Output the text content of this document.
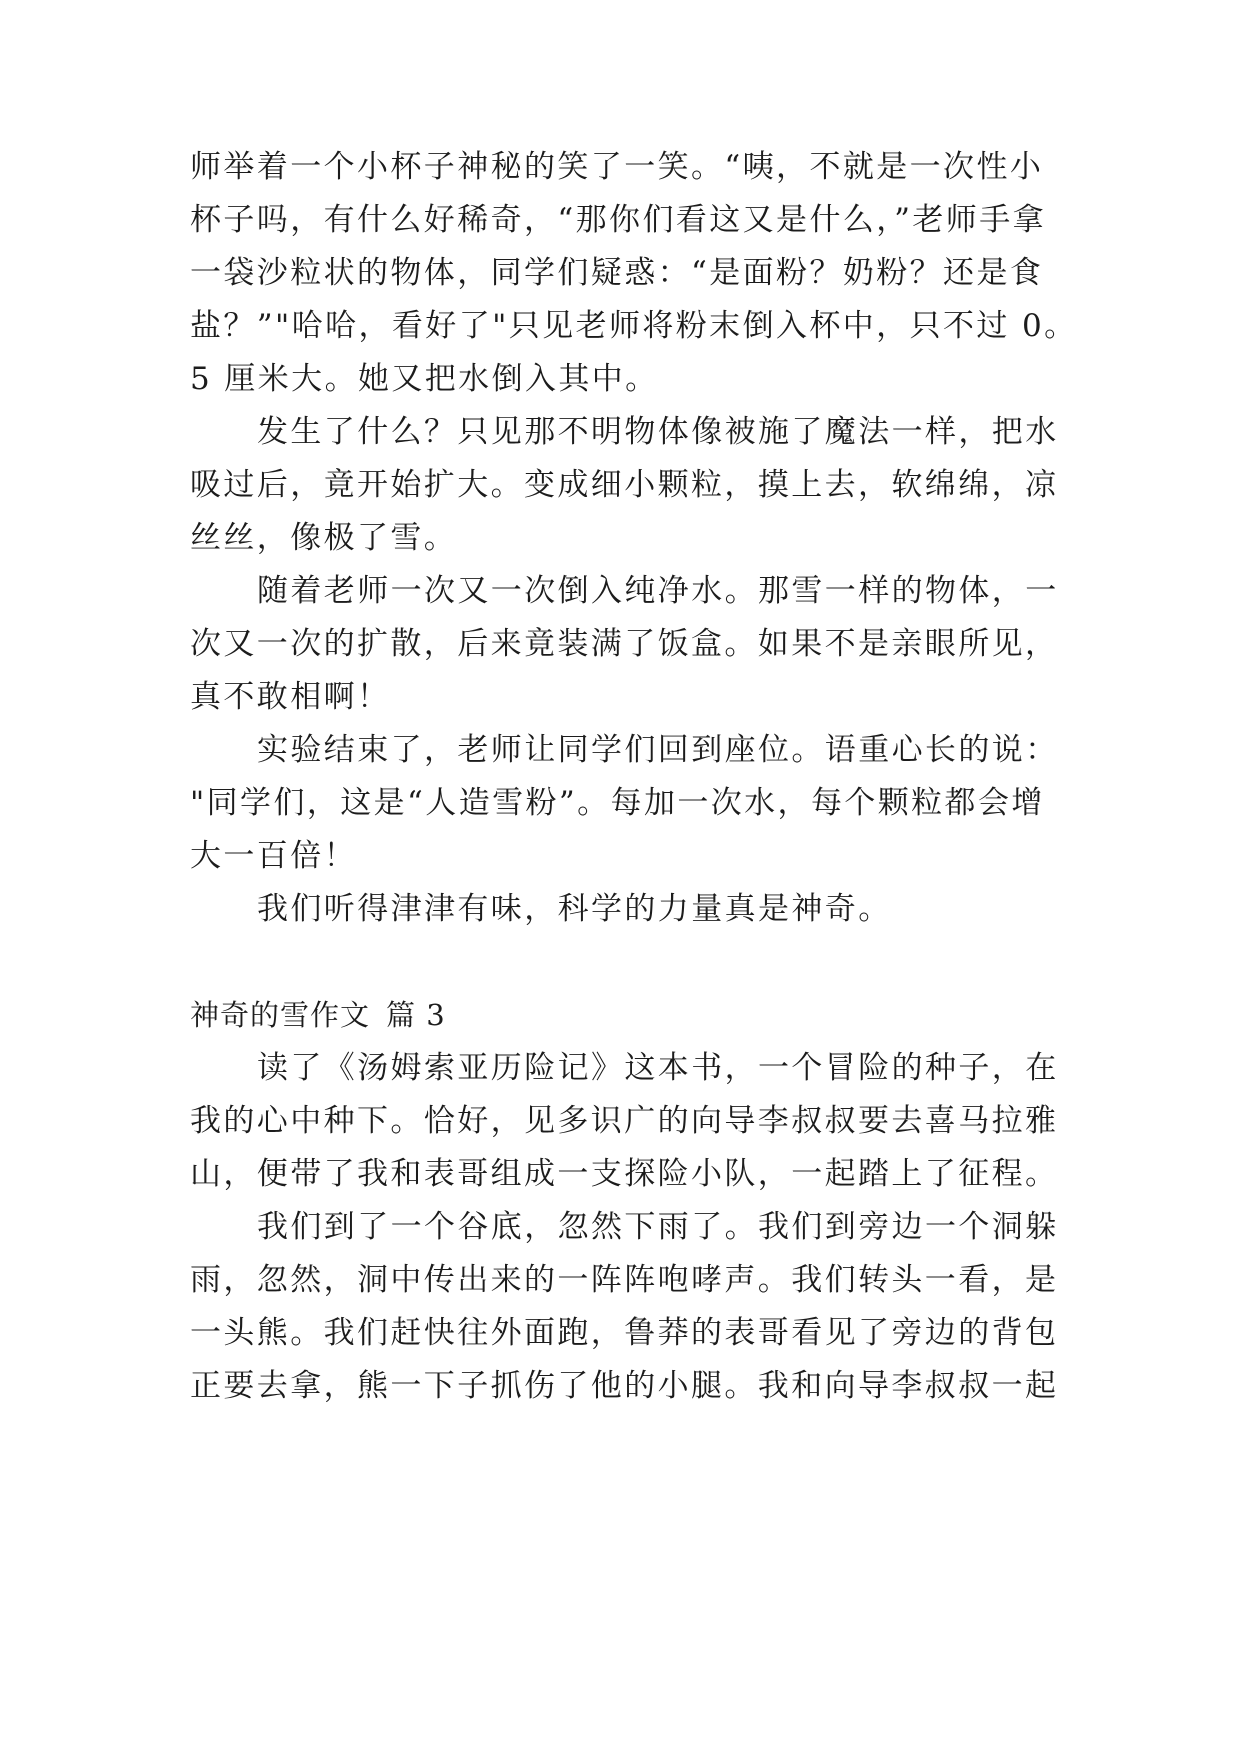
师举着一个小杯子神秘的笑了一笑。“咦，不就是一次性小
杯子吗，有什么好稀奇，“那你们看这又是什么，”老师手拿
一袋沙粒状的物体，同学们疑惑：“是面粉？奶粉？还是食
盐？”"哈哈，看好了"只见老师将粉末倒入杯中，只不过 0。
5 厘米大。她又把水倒入其中。
发生了什么？只见那不明物体像被施了魔法一样，把水
吸过后，竟开始扩大。变成细小颗粒，摸上去，软绵绵，凉
丝丝，像极了雪。
随着老师一次又一次倒入纯净水。那雪一样的物体，一
次又一次的扩散，后来竟装满了饭盒。如果不是亲眼所见，
真不敢相啊！
实验结束了，老师让同学们回到座位。语重心长的说：
"同学们，这是“人造雪粉”。每加一次水，每个颗粒都会增
大一百倍！
我们听得津津有味，科学的力量真是神奇。
神奇的雪作文 篇 3
读了《汤姆索亚历险记》这本书，一个冒险的种子，在
我的心中种下。恰好，见多识广的向导李叔叔要去喜马拉雅
山，便带了我和表哥组成一支探险小队，一起踏上了征程。
我们到了一个谷底，忽然下雨了。我们到旁边一个洞躲
雨，忽然，洞中传出来的一阵阵咆哮声。我们转头一看，是
一头熊。我们赶快往外面跑，鲁莽的表哥看见了旁边的背包
正要去拿，熊一下子抓伤了他的小腿。我和向导李叔叔一起
